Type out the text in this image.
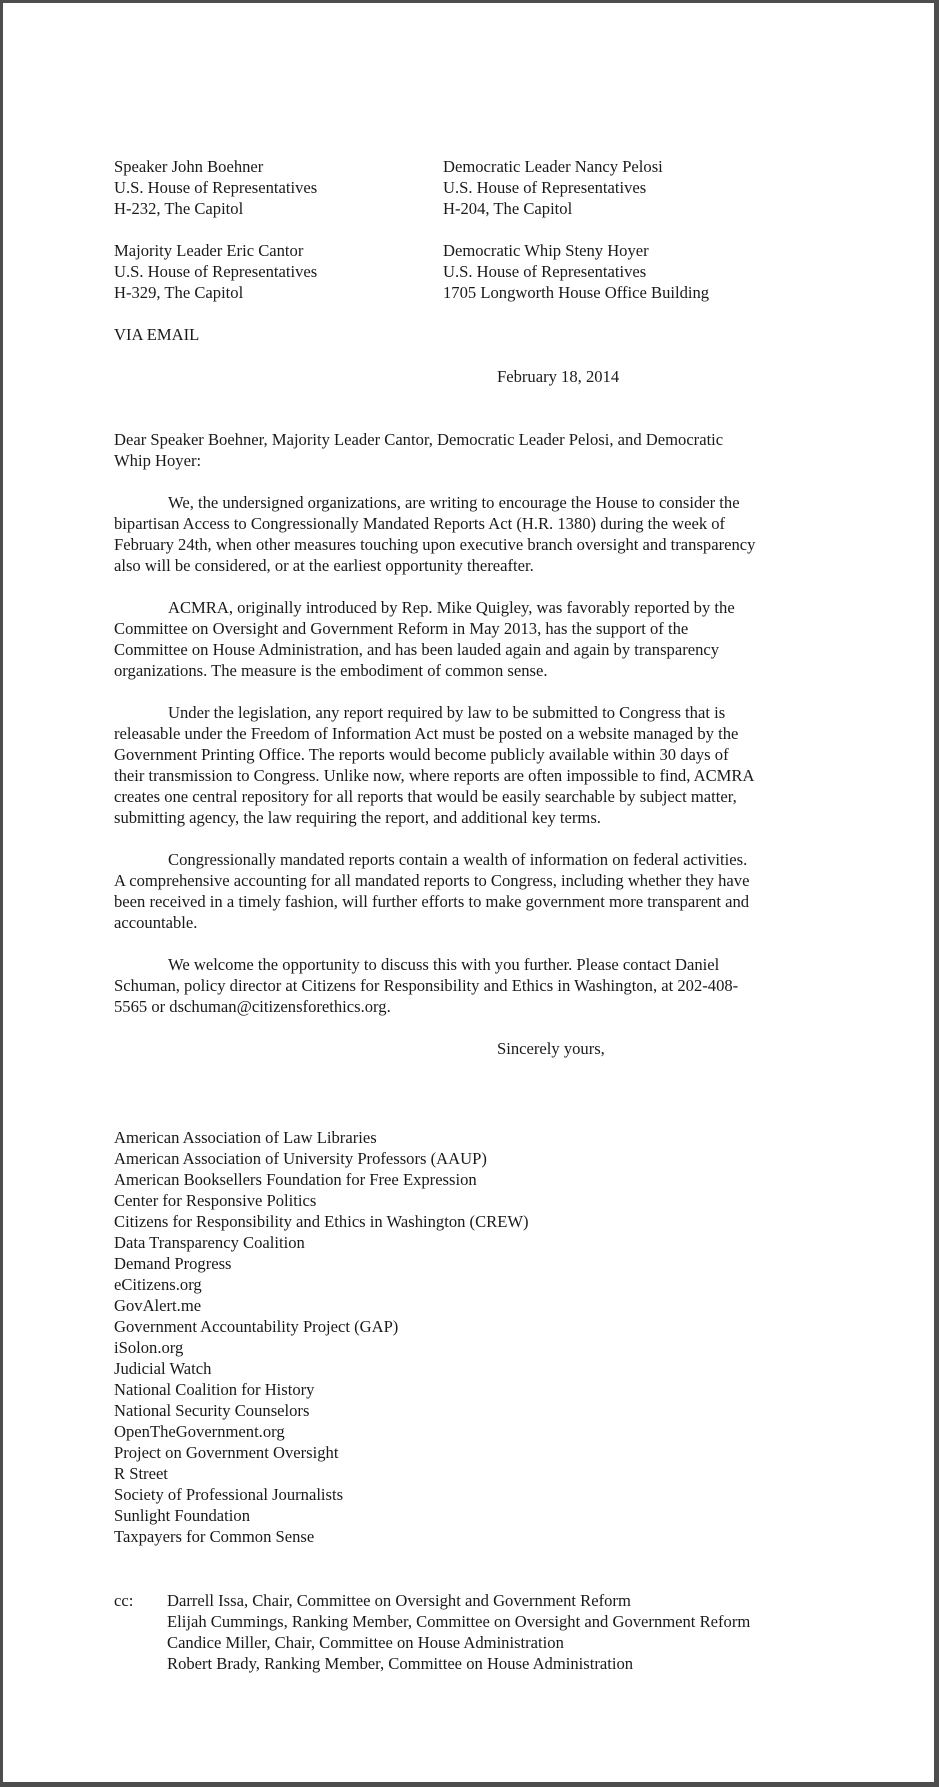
Speaker John Boehner
U.S. House of Representatives
H-232, The Capitol
Democratic Leader Nancy Pelosi
U.S. House of Representatives
H-204, The Capitol
Majority Leader Eric Cantor
U.S. House of Representatives
H-329, The Capitol
Democratic Whip Steny Hoyer
U.S. House of Representatives
1705 Longworth House Office Building
VIA EMAIL
February 18, 2014
Dear Speaker Boehner, Majority Leader Cantor, Democratic Leader Pelosi, and Democratic
Whip Hoyer:
We, the undersigned organizations, are writing to encourage the House to consider the
bipartisan Access to Congressionally Mandated Reports Act (H.R. 1380) during the week of
February 24th, when other measures touching upon executive branch oversight and transparency
also will be considered, or at the earliest opportunity thereafter.
ACMRA, originally introduced by Rep. Mike Quigley, was favorably reported by the
Committee on Oversight and Government Reform in May 2013, has the support of the
Committee on House Administration, and has been lauded again and again by transparency
organizations. The measure is the embodiment of common sense.
Under the legislation, any report required by law to be submitted to Congress that is
releasable under the Freedom of Information Act must be posted on a website managed by the
Government Printing Office. The reports would become publicly available within 30 days of
their transmission to Congress. Unlike now, where reports are often impossible to find, ACMRA
creates one central repository for all reports that would be easily searchable by subject matter,
submitting agency, the law requiring the report, and additional key terms.
Congressionally mandated reports contain a wealth of information on federal activities.
A comprehensive accounting for all mandated reports to Congress, including whether they have
been received in a timely fashion, will further efforts to make government more transparent and
accountable.
We welcome the opportunity to discuss this with you further. Please contact Daniel
Schuman, policy director at Citizens for Responsibility and Ethics in Washington, at 202-408-
5565 or dschuman@citizensforethics.org.
Sincerely yours,
American Association of Law Libraries
American Association of University Professors (AAUP)
American Booksellers Foundation for Free Expression
Center for Responsive Politics
Citizens for Responsibility and Ethics in Washington (CREW)
Data Transparency Coalition
Demand Progress
eCitizens.org
GovAlert.me
Government Accountability Project (GAP)
iSolon.org
Judicial Watch
National Coalition for History
National Security Counselors
OpenTheGovernment.org
Project on Government Oversight
R Street
Society of Professional Journalists
Sunlight Foundation
Taxpayers for Common Sense
cc: Darrell Issa, Chair, Committee on Oversight and Government Reform
Elijah Cummings, Ranking Member, Committee on Oversight and Government Reform
Candice Miller, Chair, Committee on House Administration
Robert Brady, Ranking Member, Committee on House Administration
